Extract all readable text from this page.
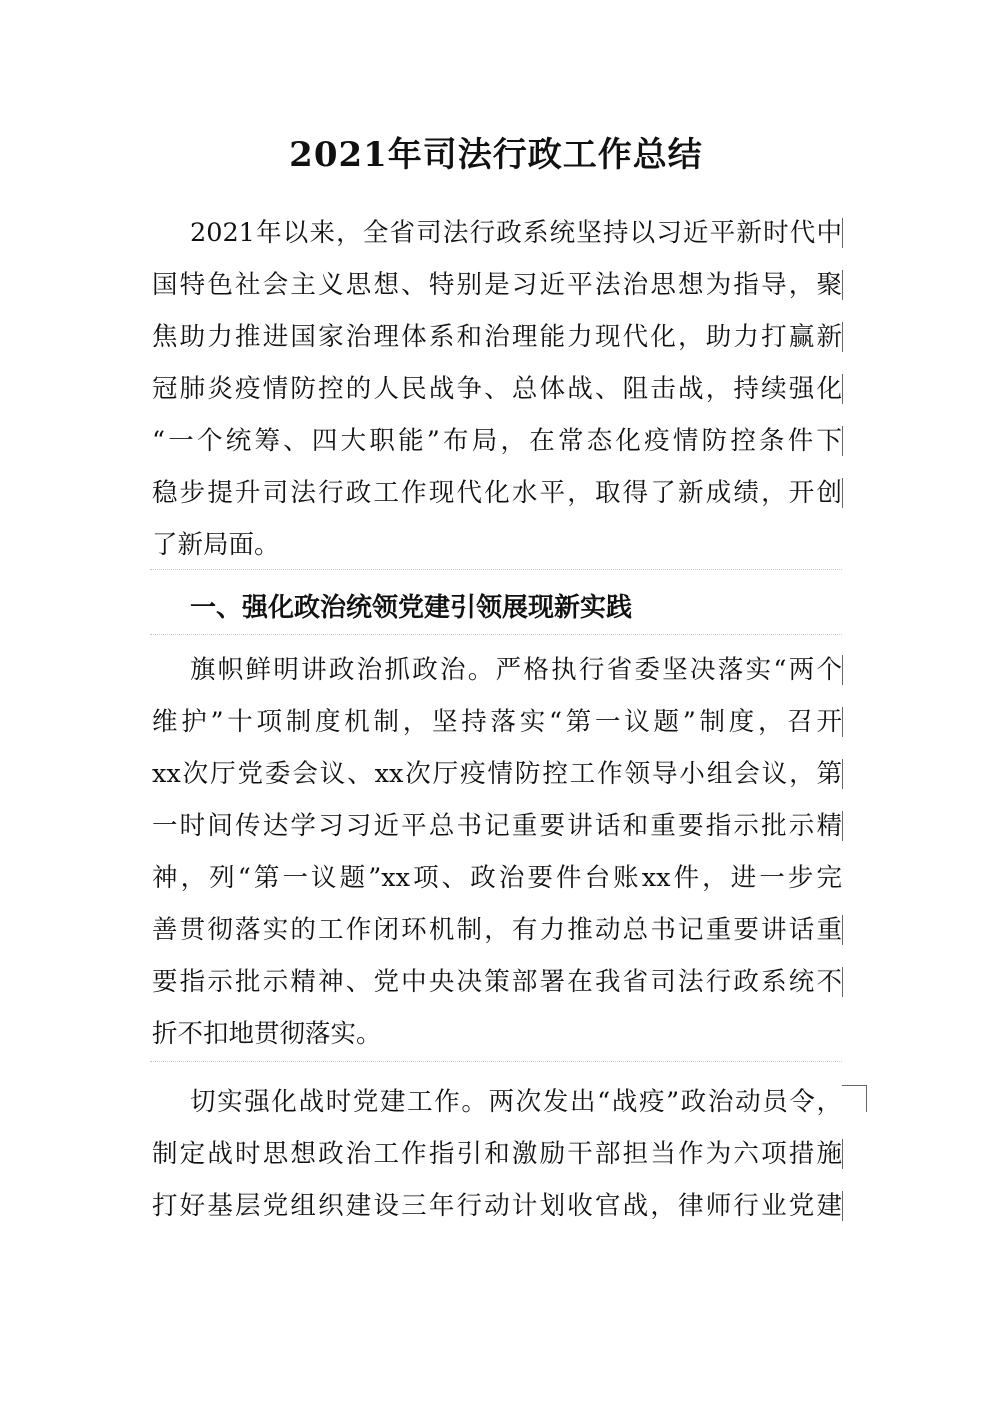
2021年司法行政工作总结
2021年以来，全省司法行政系统坚持以习近平新时代中
国特色社会主义思想、特别是习近平法治思想为指导，聚
焦助力推进国家治理体系和治理能力现代化，助力打赢新
冠肺炎疫情防控的人民战争、总体战、阻击战，持续强化
“一个统筹、四大职能”布局，在常态化疫情防控条件下
稳步提升司法行政工作现代化水平，取得了新成绩，开创
了新局面。
一、强化政治统领党建引领展现新实践
旗帜鲜明讲政治抓政治。严格执行省委坚决落实“两个
维护”十项制度机制，坚持落实“第一议题”制度，召开
xx次厅党委会议、xx次厅疫情防控工作领导小组会议，第
一时间传达学习习近平总书记重要讲话和重要指示批示精
神，列“第一议题”xx项、政治要件台账xx件，进一步完
善贯彻落实的工作闭环机制，有力推动总书记重要讲话重
要指示批示精神、党中央决策部署在我省司法行政系统不
折不扣地贯彻落实。
切实强化战时党建工作。两次发出“战疫”政治动员令，
制定战时思想政治工作指引和激励干部担当作为六项措施
打好基层党组织建设三年行动计划收官战，律师行业党建
